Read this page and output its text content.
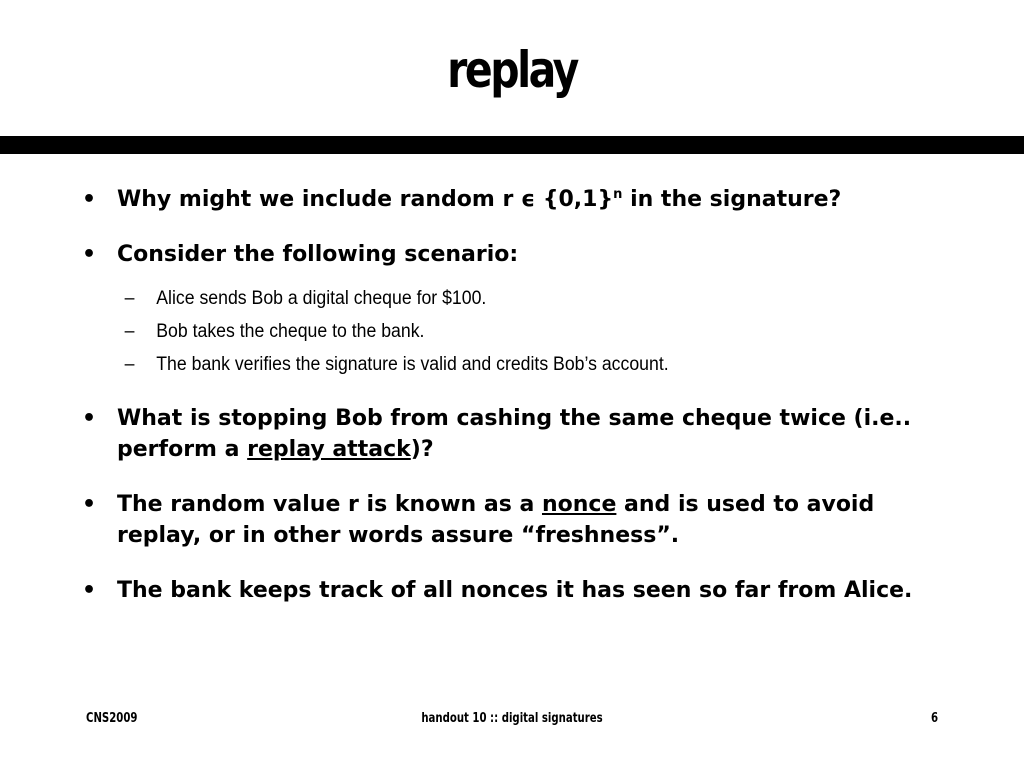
replay
• Why might we include random r ϵ $\{0,1\}^n$ in the signature?
• Consider the following scenario:
– Alice sends Bob a digital cheque for $100.
– Bob takes the cheque to the bank.
– The bank verifies the signature is valid and credits Bob’s account.
• What is stopping Bob from cashing the same cheque twice (i.e.. perform a replay attack)?
• The random value r is known as a nonce and is used to avoid replay, or in other words assure “freshness”.
• The bank keeps track of all nonces it has seen so far from Alice.
CNS2009	handout 10 :: digital signatures	6
